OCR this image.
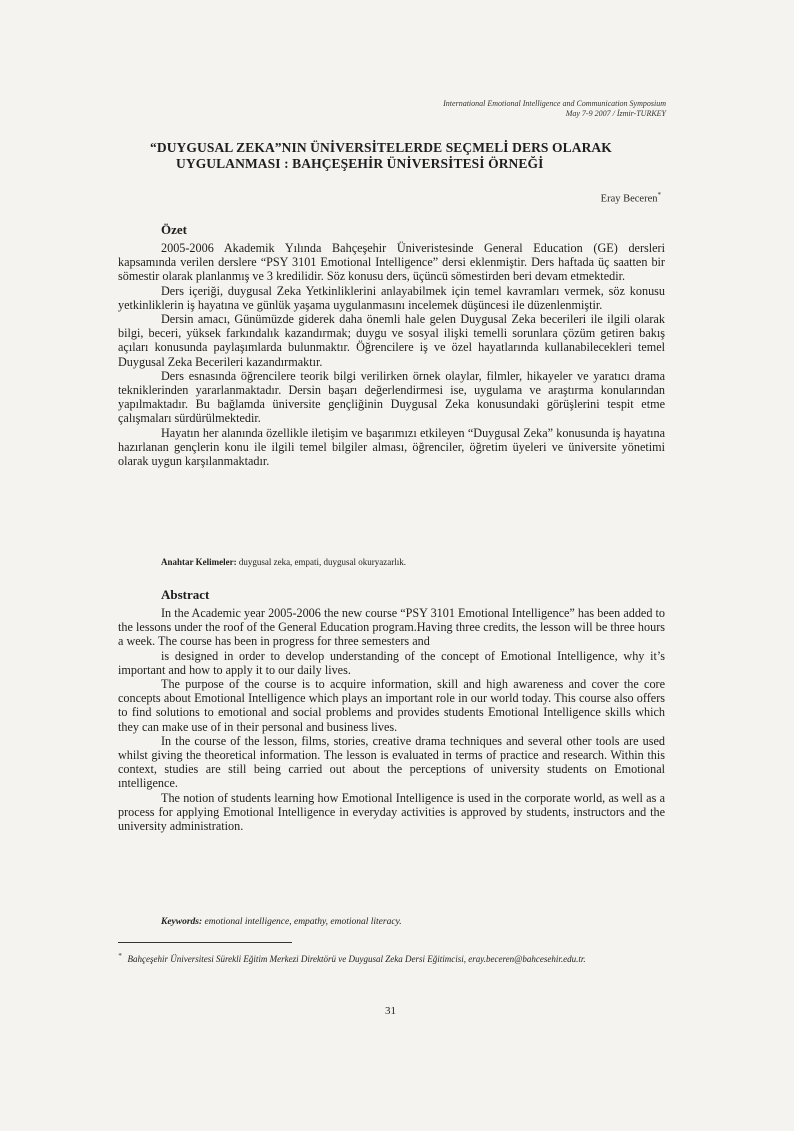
International Emotional Intelligence and Communication Symposium
May 7-9 2007 / İzmir-TURKEY
“DUYGUSAL ZEKA”NIN ÜNİVERSİTELERDE SEÇMELİ DERS OLARAK
UYGULANMASI : BAHÇEŞEHİR ÜNİVERSİTESİ ÖRNEĞİ
Eray Beceren*
Özet

2005-2006 Akademik Yılında Bahçeşehir Üniveristesinde General Education (GE) dersleri kapsamında verilen derslere “PSY 3101 Emotional Intelligence” dersi eklenmiştir. Ders haftada üç saatten bir sömestir olarak planlanmış ve 3 kredilidir. Söz konusu ders, üçüncü sömestirden beri devam etmektedir.

Ders içeriği, duygusal Zeka Yetkinliklerini anlayabilmek için temel kavramları vermek, söz konusu yetkinliklerin iş hayatına ve günlük yaşama uygulanmasını incelemek düşüncesi ile düzenlenmiştir.

Dersin amacı, Günümüzde giderek daha önemli hale gelen Duygusal Zeka becerileri ile ilgili olarak bilgi, beceri, yüksek farkındalık kazandırmak; duygu ve sosyal ilişki temelli sorunlara çözüm getiren bakış açıları konusunda paylaşımlarda bulunmaktır. Öğrencilere iş ve özel hayatlarında kullanabilecekleri temel Duygusal Zeka Becerileri kazandırmaktır.

Ders esnasında öğrencilere teorik bilgi verilirken örnek olaylar, filmler, hikayeler ve yaratıcı drama tekniklerinden yararlanmaktadır. Dersin başarı değerlendirmesi ise, uygulama ve araştırma konularından yapılmaktadır. Bu bağlamda üniversite gençliğinin Duygusal Zeka konusundaki görüşlerini tespit etme çalışmaları sürdürülmektedir.

Hayatın her alanında özellikle iletişim ve başarımızı etkileyen “Duygusal Zeka” konusunda iş hayatına hazırlanan gençlerin konu ile ilgili temel bilgiler alması, öğrenciler, öğretim üyeleri ve üniversite yönetimi olarak uygun karşılanmaktadır.

Anahtar Kelimeler: duygusal zeka, empati, duygusal okuryazarlık.
Abstract

In the Academic year 2005-2006 the new course “PSY 3101 Emotional Intelligence” has been added to the lessons under the roof of the General Education program.Having three credits, the lesson will be three hours a week. The course has been in progress for three semesters and

is designed in order to develop understanding of the concept of Emotional Intelligence, why it’s important and how to apply it to our daily lives.

The purpose of the course is to acquire information, skill and high awareness and cover the core concepts about Emotional Intelligence which plays an important role in our world today. This course also offers to find solutions to emotional and social problems and provides students Emotional Intelligence skills which they can make use of in their personal and business lives.

In the course of the lesson, films, stories, creative drama techniques and several other tools are used whilst giving the theoretical information. The lesson is evaluated in terms of practice and research. Within this context, studies are still being carried out about the perceptions of university students on Emotional ıntelligence.

The notion of students learning how Emotional Intelligence is used in the corporate world, as well as a process for applying Emotional Intelligence in everyday activities is approved by students, instructors and the university administration.

Keywords: emotional intelligence, empathy, emotional literacy.
* Bahçeşehir Üniversitesi Sürekli Eğitim Merkezi Direktörü ve Duygusal Zeka Dersi Eğitimcisi, eray.beceren@bahcesehir.edu.tr.
31
